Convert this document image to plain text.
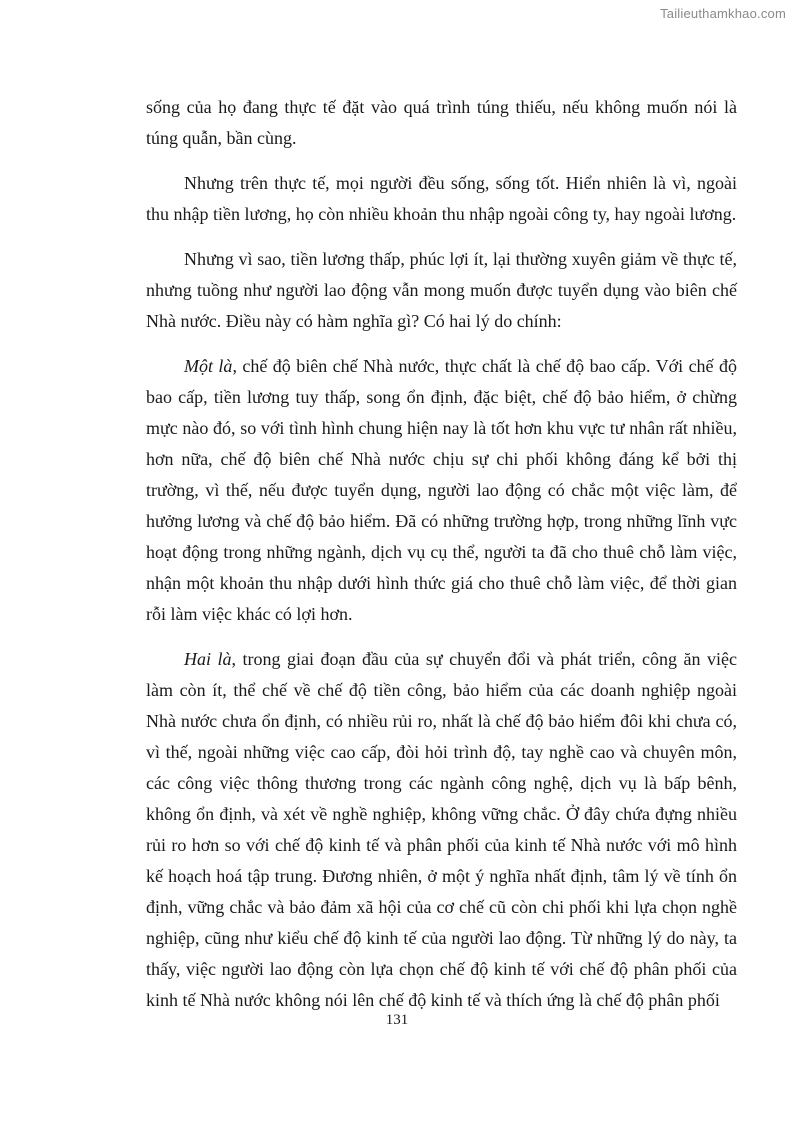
Tailieuthamkhao.com

sống của họ đang thực tế đặt vào quá trình túng thiếu, nếu không muốn nói là túng quẫn, bần cùng.

Nhưng trên thực tế, mọi người đều sống, sống tốt. Hiển nhiên là vì, ngoài thu nhập tiền lương, họ còn nhiều khoản thu nhập ngoài công ty, hay ngoài lương.

Nhưng vì sao, tiền lương thấp, phúc lợi ít, lại thường xuyên giảm về thực tế, nhưng tuồng như người lao động vẫn mong muốn được tuyển dụng vào biên chế Nhà nước. Điều này có hàm nghĩa gì? Có hai lý do chính:

Một là, chế độ biên chế Nhà nước, thực chất là chế độ bao cấp. Với chế độ bao cấp, tiền lương tuy thấp, song ổn định, đặc biệt, chế độ bảo hiểm, ở chừng mực nào đó, so với tình hình chung hiện nay là tốt hơn khu vực tư nhân rất nhiều, hơn nữa, chế độ biên chế Nhà nước chịu sự chi phối không đáng kể bởi thị trường, vì thế, nếu được tuyển dụng, người lao động có chắc một việc làm, để hưởng lương và chế độ bảo hiểm. Đã có những trường hợp, trong những lĩnh vực hoạt động trong những ngành, dịch vụ cụ thể, người ta đã cho thuê chỗ làm việc, nhận một khoản thu nhập dưới hình thức giá cho thuê chỗ làm việc, để thời gian rỗi làm việc khác có lợi hơn.

Hai là, trong giai đoạn đầu của sự chuyển đổi và phát triển, công ăn việc làm còn ít, thể chế về chế độ tiền công, bảo hiểm của các doanh nghiệp ngoài Nhà nước chưa ổn định, có nhiều rủi ro, nhất là chế độ bảo hiểm đôi khi chưa có, vì thế, ngoài những việc cao cấp, đòi hỏi trình độ, tay nghề cao và chuyên môn, các công việc thông thương trong các ngành công nghệ, dịch vụ là bấp bênh, không ổn định, và xét về nghề nghiệp, không vững chắc. Ở đây chứa đựng nhiều rủi ro hơn so với chế độ kinh tế và phân phối của kinh tế Nhà nước với mô hình kế hoạch hoá tập trung. Đương nhiên, ở một ý nghĩa nhất định, tâm lý về tính ổn định, vững chắc và bảo đảm xã hội của cơ chế cũ còn chi phối khi lựa chọn nghề nghiệp, cũng như kiểu chế độ kinh tế của người lao động. Từ những lý do này, ta thấy, việc người lao động còn lựa chọn chế độ kinh tế với chế độ phân phối của kinh tế Nhà nước không nói lên chế độ kinh tế và thích ứng là chế độ phân phối

131
